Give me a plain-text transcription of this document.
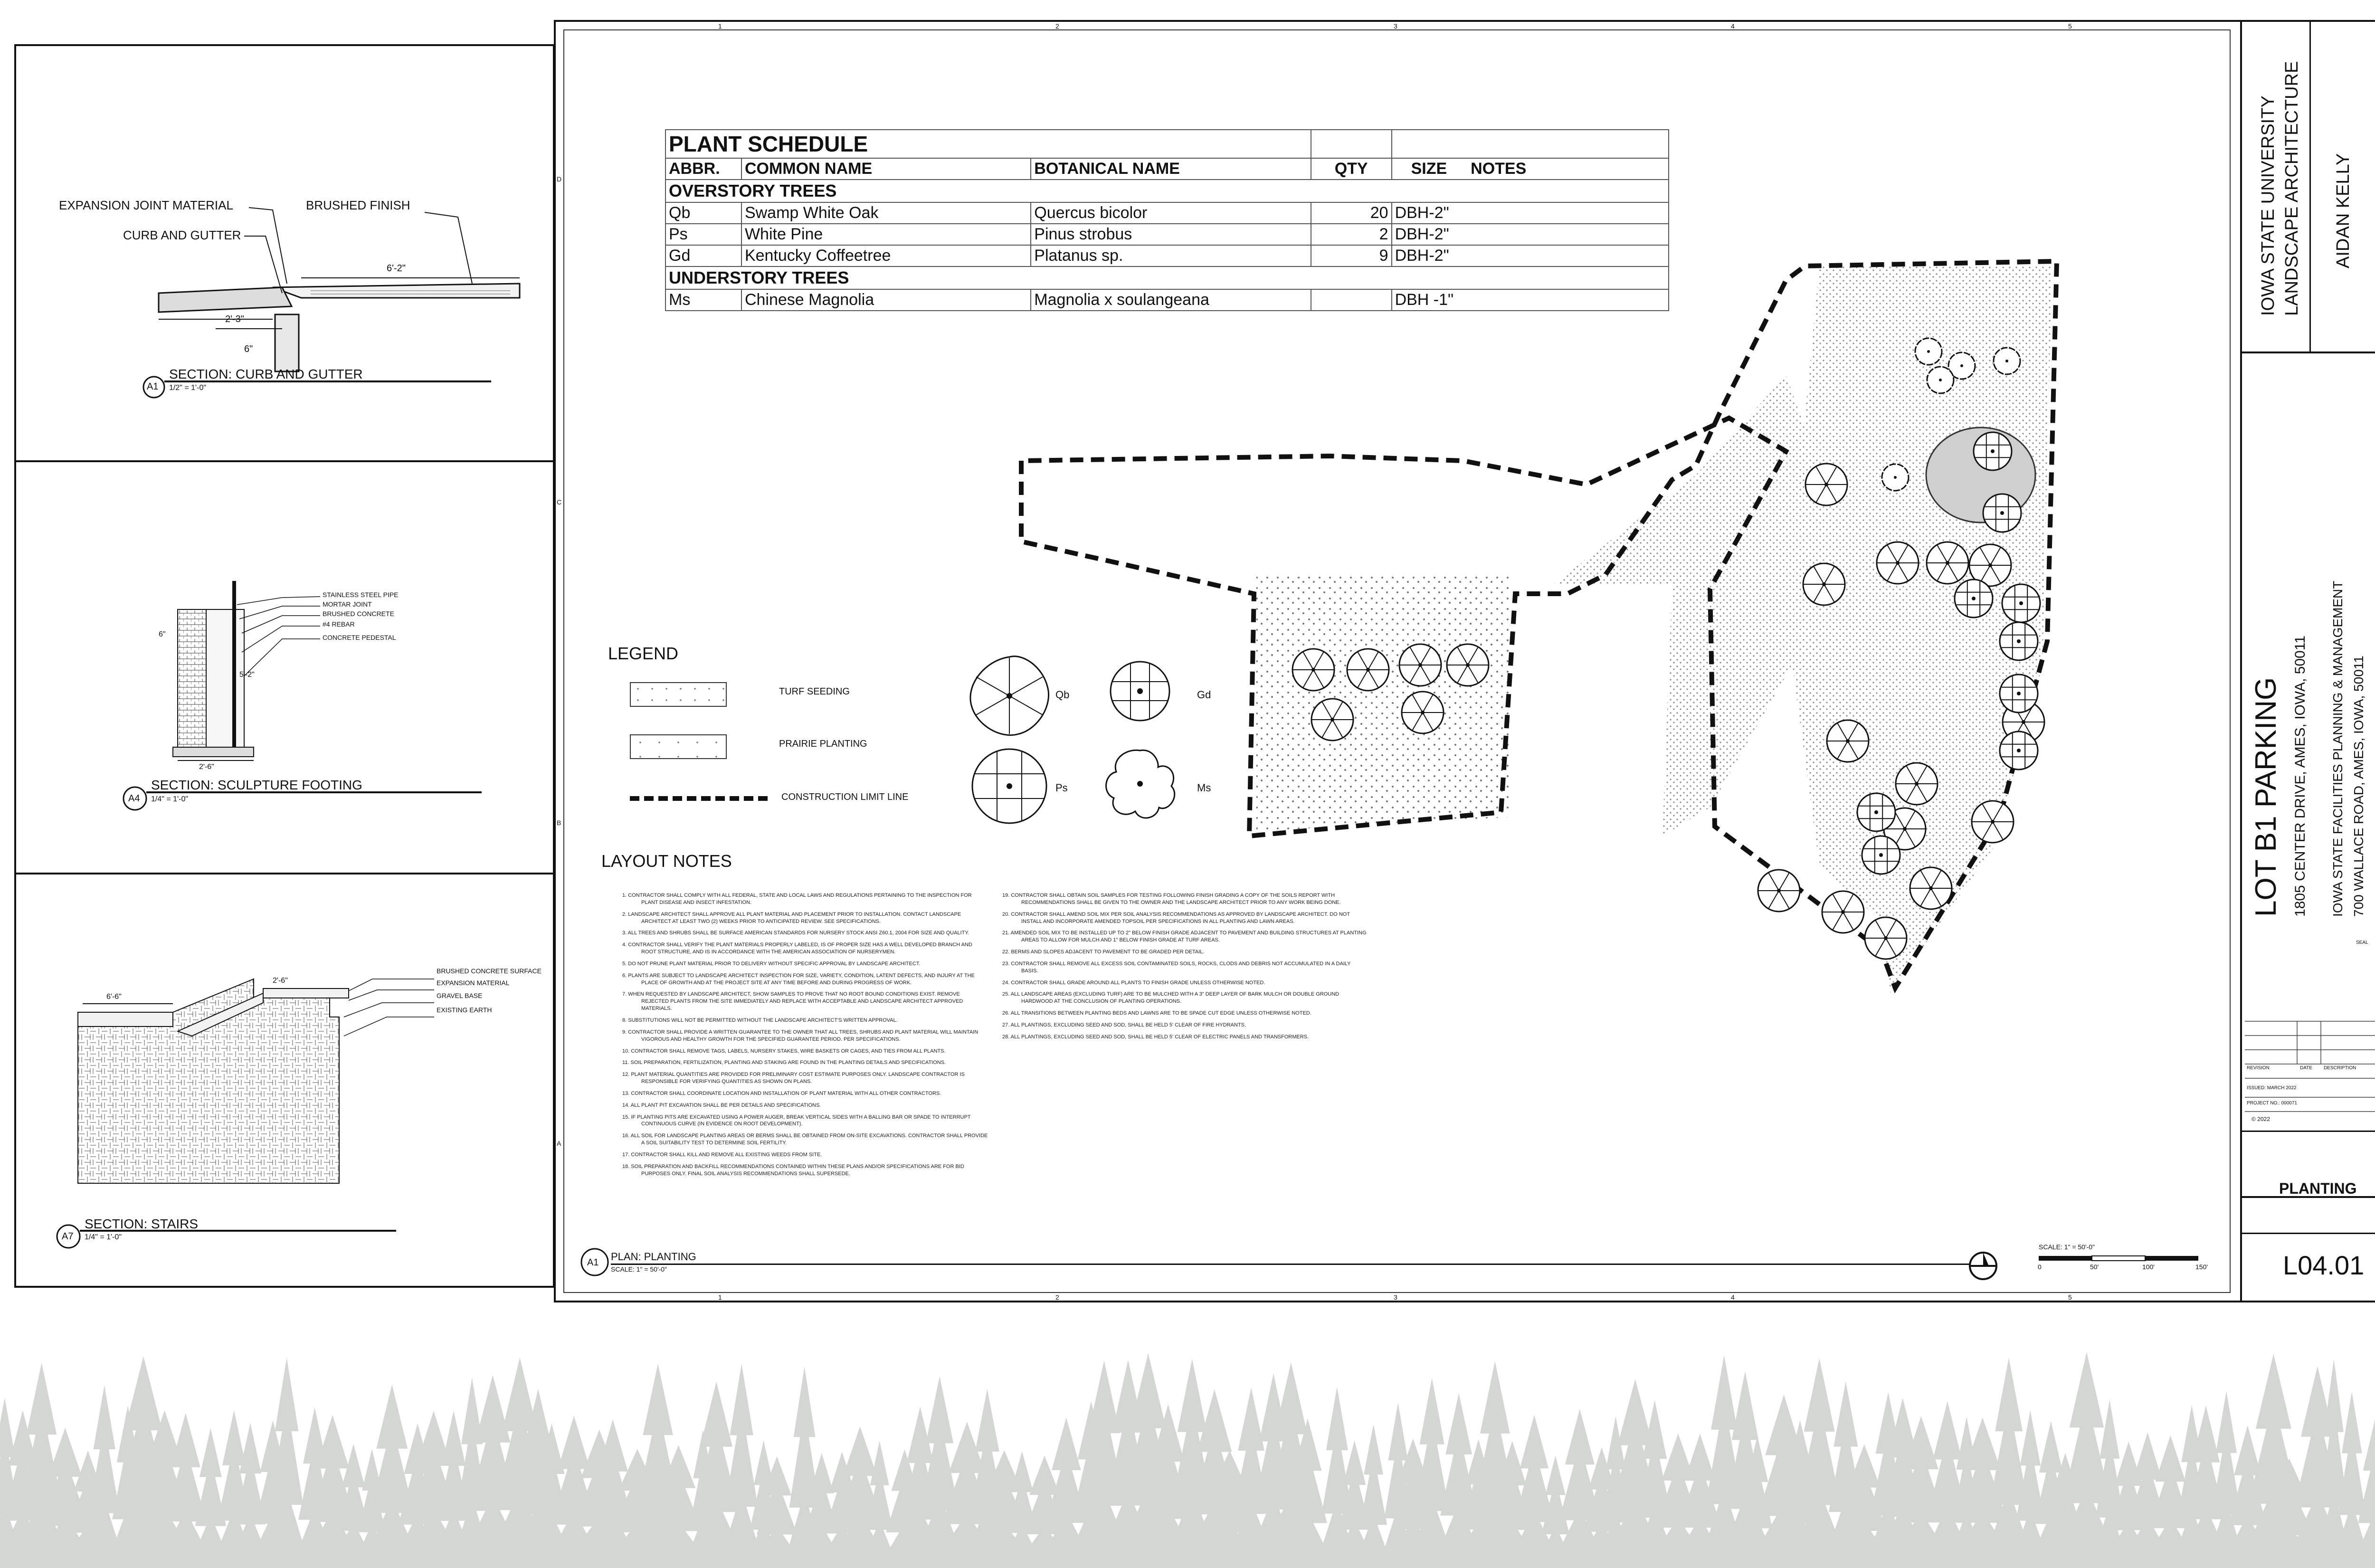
EXPANSION JOINT MATERIAL
CURB AND GUTTER
BRUSHED FINISH
6'-2"
2'-3"
6"
A1
SECTION: CURB AND GUTTER
1/2" = 1'-0"
STAINLESS STEEL PIPE
MORTAR JOINT
BRUSHED CONCRETE
#4 REBAR
CONCRETE PEDESTAL
2'-6"
5'-2"
6"
A4
SECTION: SCULPTURE FOOTING
1/4" = 1'-0"
BRUSHED CONCRETE SURFACE
EXPANSION MATERIAL
GRAVEL BASE
EXISTING EARTH
2'-6"
6'-6"
A7
SECTION: STAIRS
1/4" = 1'-0"
1	2	3	4	5
1	2	3	4	5
D
C
B
A
PLANT SCHEDULE				
ABBR.	COMMON NAME	BOTANICAL NAME	QTY	SIZE NOTES
OVERSTORY TREES				
Qb	Swamp White Oak	Quercus bicolor	20	DBH-2"
Ps	White Pine	Pinus strobus	2	DBH-2"
Gd	Kentucky Coffeetree	Platanus sp.	9	DBH-2"
UNDERSTORY TREES				
Ms	Chinese Magnolia	Magnolia x soulangeana		DBH -1"
LEGEND
TURF SEEDING
PRAIRIE PLANTING
CONSTRUCTION LIMIT LINE
Qb	Gd
Ps	Ms
LAYOUT NOTES

1. CONTRACTOR SHALL COMPLY WITH ALL FEDERAL, STATE AND LOCAL LAWS AND REGULATIONS PERTAINING TO THE INSPECTION FOR PLANT DISEASE AND INSECT INFESTATION.

2. LANDSCAPE ARCHITECT SHALL APPROVE ALL PLANT MATERIAL AND PLACEMENT PRIOR TO INSTALLATION. CONTACT LANDSCAPE ARCHITECT AT LEAST TWO (2) WEEKS PRIOR TO ANTICIPATED REVIEW. SEE SPECIFICATIONS.

3. ALL TREES AND SHRUBS SHALL BE SURFACE AMERICAN STANDARDS FOR NURSERY STOCK ANSI Z60.1, 2004 FOR SIZE AND QUALITY.

4. CONTRACTOR SHALL VERIFY THE PLANT MATERIALS PROPERLY LABELED, IS OF PROPER SIZE HAS A WELL DEVELOPED BRANCH AND ROOT STRUCTURE, AND IS IN ACCORDANCE WITH THE AMERICAN ASSOCIATION OF NURSERYMEN.

5. DO NOT PRUNE PLANT MATERIAL PRIOR TO DELIVERY WITHOUT SPECIFIC APPROVAL BY LANDSCAPE ARCHITECT.

6. PLANTS ARE SUBJECT TO LANDSCAPE ARCHITECT INSPECTION FOR SIZE, VARIETY, CONDITION, LATENT DEFECTS, AND INJURY AT THE PLACE OF GROWTH AND AT THE PROJECT SITE AT ANY TIME BEFORE AND DURING PROGRESS OF WORK.

7. WHEN REQUESTED BY LANDSCAPE ARCHITECT, SHOW SAMPLES TO PROVE THAT NO ROOT BOUND CONDITIONS EXIST. REMOVE REJECTED PLANTS FROM THE SITE IMMEDIATELY AND REPLACE WITH ACCEPTABLE AND LANDSCAPE ARCHITECT APPROVED MATERIALS.

8. SUBSTITUTIONS WILL NOT BE PERMITTED WITHOUT THE LANDSCAPE ARCHITECT'S WRITTEN APPROVAL.

9. CONTRACTOR SHALL PROVIDE A WRITTEN GUARANTEE TO THE OWNER THAT ALL TREES, SHRUBS AND PLANT MATERIAL WILL MAINTAIN VIGOROUS AND HEALTHY GROWTH FOR THE SPECIFIED GUARANTEE PERIOD. PER SPECIFICATIONS.

10. CONTRACTOR SHALL REMOVE TAGS, LABELS, NURSERY STAKES, WIRE BASKETS OR CAGES, AND TIES FROM ALL PLANTS.

11. SOIL PREPARATION, FERTILIZATION, PLANTING AND STAKING ARE FOUND IN THE PLANTING DETAILS AND SPECIFICATIONS.

12. PLANT MATERIAL QUANTITIES ARE PROVIDED FOR PRELIMINARY COST ESTIMATE PURPOSES ONLY. LANDSCAPE CONTRACTOR IS RESPONSIBLE FOR VERIFYING QUANTITIES AS SHOWN ON PLANS.

13. CONTRACTOR SHALL COORDINATE LOCATION AND INSTALLATION OF PLANT MATERIAL WITH ALL OTHER CONTRACTORS.

14. ALL PLANT PIT EXCAVATION SHALL BE PER DETAILS AND SPECIFICATIONS.

15. IF PLANTING PITS ARE EXCAVATED USING A POWER AUGER, BREAK VERTICAL SIDES WITH A BALLING BAR OR SPADE TO INTERRUPT CONTINUOUS CURVE (IN EVIDENCE ON ROOT DEVELOPMENT).

16. ALL SOIL FOR LANDSCAPE PLANTING AREAS OR BERMS SHALL BE OBTAINED FROM ON-SITE EXCAVATIONS. CONTRACTOR SHALL PROVIDE A SOIL SUITABILITY TEST TO DETERMINE SOIL FERTILITY.

17. CONTRACTOR SHALL KILL AND REMOVE ALL EXISTING WEEDS FROM SITE.

18. SOIL PREPARATION AND BACKFILL RECOMMENDATIONS CONTAINED WITHIN THESE PLANS AND/OR SPECIFICATIONS ARE FOR BID PURPOSES ONLY. FINAL SOIL ANALYSIS RECOMMENDATIONS SHALL SUPERSEDE.

19. CONTRACTOR SHALL OBTAIN SOIL SAMPLES FOR TESTING FOLLOWING FINISH GRADING A COPY OF THE SOILS REPORT WITH RECOMMENDATIONS SHALL BE GIVEN TO THE OWNER AND THE LANDSCAPE ARCHITECT PRIOR TO ANY WORK BEING DONE.

20. CONTRACTOR SHALL AMEND SOIL MIX PER SOIL ANALYSIS RECOMMENDATIONS AS APPROVED BY LANDSCAPE ARCHITECT. DO NOT INSTALL AND INCORPORATE AMENDED TOPSOIL PER SPECIFICATIONS IN ALL PLANTING AND LAWN AREAS.

21. AMENDED SOIL MIX TO BE INSTALLED UP TO 2" BELOW FINISH GRADE ADJACENT TO PAVEMENT AND BUILDING STRUCTURES AT PLANTING AREAS TO ALLOW FOR MULCH AND 1" BELOW FINISH GRADE AT TURF AREAS.

22. BERMS AND SLOPES ADJACENT TO PAVEMENT TO BE GRADED PER DETAIL.

23. CONTRACTOR SHALL REMOVE ALL EXCESS SOIL CONTAMINATED SOILS, ROCKS, CLODS AND DEBRIS NOT ACCUMULATED IN A DAILY BASIS.

24. CONTRACTOR SHALL GRADE AROUND ALL PLANTS TO FINISH GRADE UNLESS OTHERWISE NOTED.

25. ALL LANDSCAPE AREAS (EXCLUDING TURF) ARE TO BE MULCHED WITH A 3" DEEP LAYER OF BARK MULCH OR DOUBLE GROUND HARDWOOD AT THE CONCLUSION OF PLANTING OPERATIONS.

26. ALL TRANSITIONS BETWEEN PLANTING BEDS AND LAWNS ARE TO BE SPADE CUT EDGE UNLESS OTHERWISE NOTED.

27. ALL PLANTINGS, EXCLUDING SEED AND SOD, SHALL BE HELD 5' CLEAR OF FIRE HYDRANTS.

28. ALL PLANTINGS, EXCLUDING SEED AND SOD, SHALL BE HELD 5' CLEAR OF ELECTRIC PANELS AND TRANSFORMERS.

A1 PLAN: PLANTING
SCALE: 1" = 50'-0"
SCALE: 1" = 50'-0"
0	50'	100'	150'
IOWA STATE UNIVERSITY LANDSCAPE ARCHITECTURE AIDAN KELLY
LOT B1 PARKING 1805 CENTER DRIVE, AMES, IOWA, 50011 IOWA STATE FACILITIES PLANNING & MANAGEMENT 700 WALLACE ROAD, AMES, IOWA, 50011
SEAL
REVISION	DATE DESCRIPTION
ISSUED: MARCH 2022
PROJECT NO.: 000071
© 2022
PLANTING
L04.01
